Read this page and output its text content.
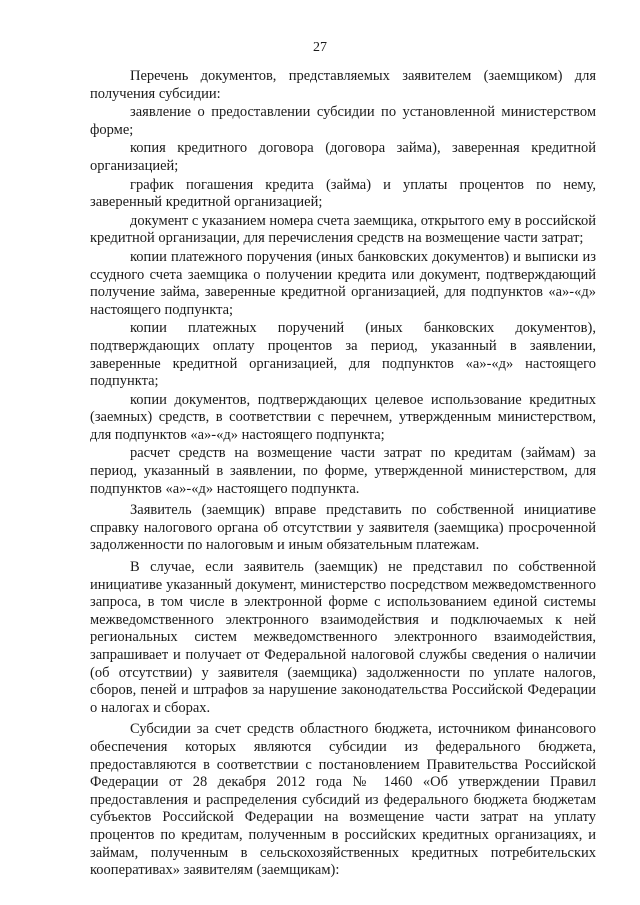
27

Перечень документов, представляемых заявителем (заемщиком) для получения субсидии:

заявление о предоставлении субсидии по установленной министерством форме;

копия кредитного договора (договора займа), заверенная кредитной организацией;

график погашения кредита (займа) и уплаты процентов по нему, заверенный кредитной организацией;

документ с указанием номера счета заемщика, открытого ему в российской кредитной организации, для перечисления средств на возмещение части затрат;

копии платежного поручения (иных банковских документов) и выписки из ссудного счета заемщика о получении кредита или документ, подтверждающий получение займа, заверенные кредитной организацией, для подпунктов «а»-«д» настоящего подпункта;

копии платежных поручений (иных банковских документов), подтверждающих оплату процентов за период, указанный в заявлении, заверенные кредитной организацией, для подпунктов «а»-«д» настоящего подпункта;

копии документов, подтверждающих целевое использование кредитных (заемных) средств, в соответствии с перечнем, утвержденным министерством, для подпунктов «а»-«д» настоящего подпункта;

расчет средств на возмещение части затрат по кредитам (займам) за период, указанный в заявлении, по форме, утвержденной министерством, для подпунктов «а»-«д» настоящего подпункта.

Заявитель (заемщик) вправе представить по собственной инициативе справку налогового органа об отсутствии у заявителя (заемщика) просроченной задолженности по налоговым и иным обязательным платежам.

В случае, если заявитель (заемщик) не представил по собственной инициативе указанный документ, министерство посредством межведомственного запроса, в том числе в электронной форме с использованием единой системы межведомственного электронного взаимодействия и подключаемых к ней региональных систем межведомственного электронного взаимодействия, запрашивает и получает от Федеральной налоговой службы сведения о наличии (об отсутствии) у заявителя (заемщика) задолженности по уплате налогов, сборов, пеней и штрафов за нарушение законодательства Российской Федерации о налогах и сборах.

Субсидии за счет средств областного бюджета, источником финансового обеспечения которых являются субсидии из федерального бюджета, предоставляются в соответствии с постановлением Правительства Российской Федерации от 28 декабря 2012 года № 1460 «Об утверждении Правил предоставления и распределения субсидий из федерального бюджета бюджетам субъектов Российской Федерации на возмещение части затрат на уплату процентов по кредитам, полученным в российских кредитных организациях, и займам, полученным в сельскохозяйственных кредитных потребительских кооперативах» заявителям (заемщикам):
